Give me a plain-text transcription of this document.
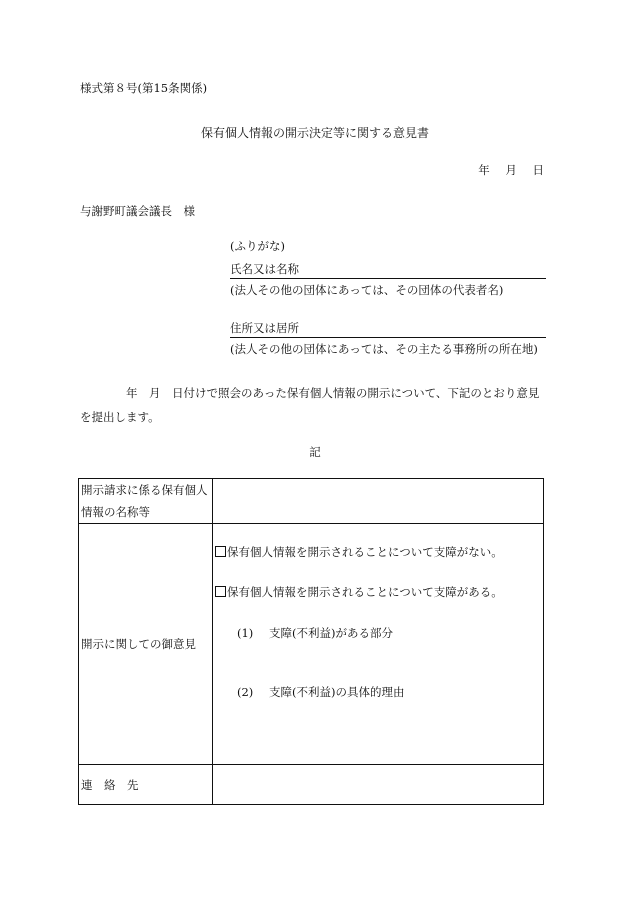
様式第８号(第15条関係)
保有個人情報の開示決定等に関する意見書
年 月 日
与謝野町議会議長　様
(ふりがな)
氏名又は名称
(法人その他の団体にあっては、その団体の代表者名)
住所又は居所
(法人その他の団体にあっては、その主たる事務所の所在地)
年　月　日付けで照会のあった保有個人情報の開示について、下記のとおり意見
を提出します。
記
開示請求に係る保有個人
情報の名称等	
開示に関しての御意見	保有個人情報を開示されることについて支障がない。
保有個人情報を開示されることについて支障がある。
(1) 支障(不利益)がある部分
(2) 支障(不利益)の具体的理由

連 絡 先	
